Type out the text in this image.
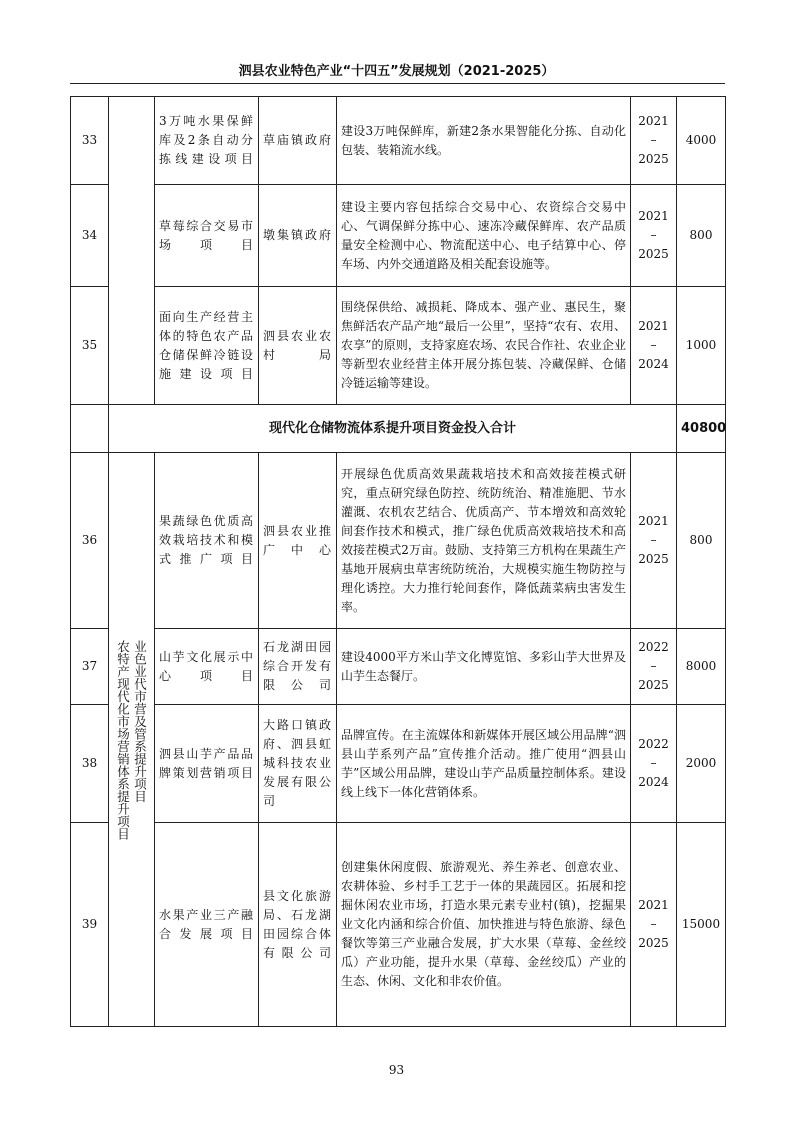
泗县农业特色产业“十四五”发展规划（2021-2025）
33		3万吨水果保鲜库及2条自动分拣线建设项目	草庙镇政府	建设3万吨保鲜库，新建2条水果智能化分拣、自动化包装、装箱流水线。	2021
–
2025	4000
34		草莓综合交易市场项目	墩集镇政府	建设主要内容包括综合交易中心、农资综合交易中心、气调保鲜分拣中心、速冻冷藏保鲜库、农产品质量安全检测中心、物流配送中心、电子结算中心、停车场、内外交通道路及相关配套设施等。	2021
–
2025	800
35		面向生产经营主体的特色农产品仓储保鲜冷链设施建设项目	泗县农业农村局	围绕保供给、减损耗、降成本、强产业、惠民生，聚焦鲜活农产品产地“最后一公里”，坚持“农有、农用、农享”的原则，支持家庭农场、农民合作社、农业企业等新型农业经营主体开展分拣包装、冷藏保鲜、仓储冷链运输等建设。	2021
–
2024	1000
	现代化仓储物流体系提升项目资金投入合计					40800
36	农特产现代化市场营销体系提升项目 业色业代市营及管系提升项目	果蔬绿色优质高效栽培技术和模式推广项目	泗县农业推广中心	开展绿色优质高效果蔬栽培技术和高效接茬模式研究，重点研究绿色防控、统防统治、精准施肥、节水灌溉、农机农艺结合、优质高产、节本增效和高效轮间套作技术和模式，推广绿色优质高效栽培技术和高效接茬模式2万亩。鼓励、支持第三方机构在果蔬生产基地开展病虫草害统防统治，大规模实施生物防控与理化诱控。大力推行轮间套作，降低蔬菜病虫害发生率。	2021
–
2025	800
37		山芋文化展示中心项目	石龙湖田园综合开发有限公司	建设4000平方米山芋文化博览馆、多彩山芋大世界及山芋生态餐厅。	2022
–
2025	8000
38		泗县山芋产品品牌策划营销项目	大路口镇政府、泗县虹城科技农业发展有限公司	品牌宣传。在主流媒体和新媒体开展区域公用品牌“泗县山芋系列产品”宣传推介活动。推广使用“泗县山芋”区域公用品牌，建设山芋产品质量控制体系。建设线上线下一体化营销体系。	2022
–
2024	2000
39		水果产业三产融合发展项目	县文化旅游局、石龙湖田园综合体有限公司	创建集休闲度假、旅游观光、养生养老、创意农业、农耕体验、乡村手工艺于一体的果蔬园区。拓展和挖掘休闲农业市场，打造水果元素专业村(镇)，挖掘果业文化内涵和综合价值、加快推进与特色旅游、绿色餐饮等第三产业融合发展，扩大水果（草莓、金丝绞瓜）产业功能，提升水果（草莓、金丝绞瓜）产业的生态、休闲、文化和非农价值。	2021
–
2025	15000
93
